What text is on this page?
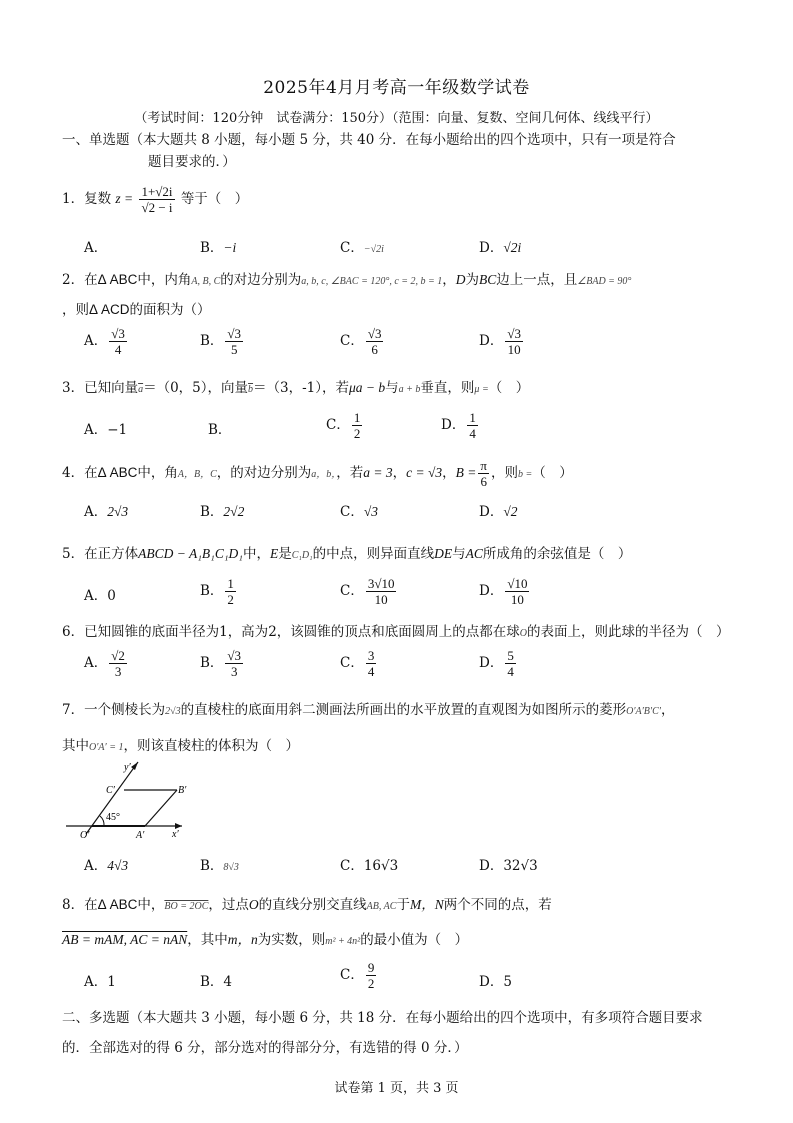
2025年4月月考高一年级数学试卷
（考试时间：120分钟　试卷满分：150分）（范围：向量、复数、空间几何体、线线平行）
一、单选题（本大题共 8 小题，每小题 5 分，共 40 分．在每小题给出的四个选项中，只有一项是符合
题目要求的．）
1．复数 $z = \frac{1+√2i}{√2 - i}$ 等于（　）
A．	B．−i	C．−√2i	D．√2i
2．在Δ ABC中，内角A, B, C的对边分别为a, b, c, ∠BAC = 120°, c = 2, b = 1，D为BC边上一点，且∠BAD = 90°
，则Δ ACD的面积为（）
A． $\frac{√3}{4}$	B． $\frac{√3}{5}$	C． $\frac{√3}{6}$	D． $\frac{√3}{10}$
3．已知向量$\overline{a}=(0$，5），向量$\overline{b}=(3$，-1），若μa − b与a + b垂直，则μ =（　）
A．−1	B．	C． $\frac{1}{2}$	D． $\frac{1}{4}$
4．在Δ ABC中，角A，B，C，的对边分别为a，b，，若a = 3，c = √3，$B = \frac{\pi}{6}$ ，则b =（　）
A．2√3	B．2√2	C．√3	D．√2
5．在正方体ABCD − A₁B₁C₁D₁中，E是C₁D₁的中点，则异面直线DE与AC所成角的余弦值是（　）
A．0	B． $\frac{1}{2}$	C． $\frac{3√10}{10}$	D． $\frac{√10}{10}$
6．已知圆锥的底面半径为1，高为2，该圆锥的顶点和底面圆周上的点都在球O的表面上，则此球的半径为（　）
A． $\frac{√2}{3}$	B． $\frac{√3}{3}$	C． $\frac{3}{4}$	D． $\frac{5}{4}$
7．一个侧棱长为2√3的直棱柱的底面用斜二测画法所画出的水平放置的直观图为如图所示的菱形O′A′B′C′，
其中O′A′ = 1，则该直棱柱的体积为（　）
45°
y′
x′
O′	A′
B′
C′
A．4√3	B．8√3	C．16√3	D．32√3
8．在Δ ABC中，BO = 2OC，过点O的直线分别交直线AB, AC于M，N两个不同的点，若
AB = mAM, AC = nAN，其中m，n为实数，则m² + 4n²的最小值为（　）
A．1	B．4	C． $\frac{9}{2}$	D．5
二、多选题（本大题共 3 小题，每小题 6 分，共 18 分．在每小题给出的四个选项中，有多项符合题目要求
的．全部选对的得 6 分，部分选对的得部分分，有选错的得 0 分．）
试卷第 1 页，共 3 页
